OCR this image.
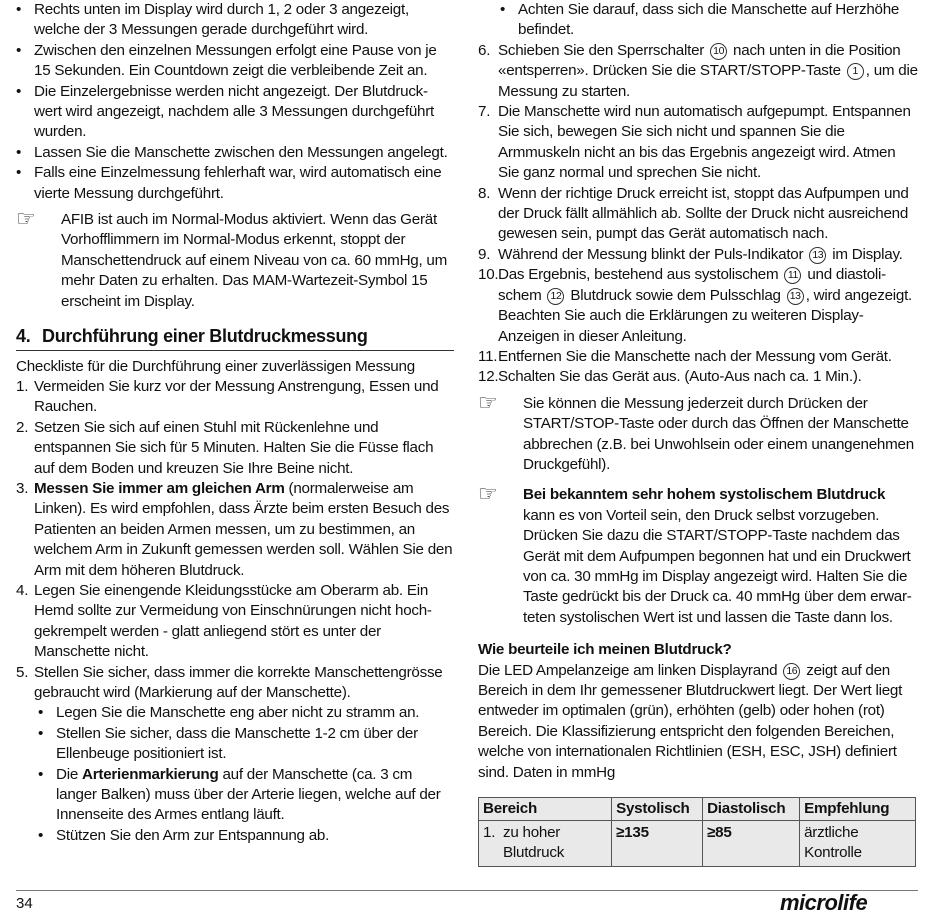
• Rechts unten im Display wird durch 1, 2 oder 3 angezeigt, welche der 3 Messungen gerade durchgeführt wird.

• Zwischen den einzelnen Messungen erfolgt eine Pause von je 15 Sekunden. Ein Countdown zeigt die verbleibende Zeit an.

• Die Einzelergebnisse werden nicht angezeigt. Der Blutdruck-wert wird angezeigt, nachdem alle 3 Messungen durchgeführt wurden.

• Lassen Sie die Manschette zwischen den Messungen angelegt.

• Falls eine Einzelmessung fehlerhaft war, wird automatisch eine vierte Messung durchgeführt.

☞ AFIB ist auch im Normal-Modus aktiviert. Wenn das Gerät Vorhofflimmern im Normal-Modus erkennt, stoppt der Manschettendruck auf einem Niveau von ca. 60 mmHg, um mehr Daten zu erhalten. Das MAM-Wartezeit-Symbol 15 erscheint im Display.
4. Durchführung einer Blutdruckmessung

Checkliste für die Durchführung einer zuverlässigen Messung

1. Vermeiden Sie kurz vor der Messung Anstrengung, Essen und Rauchen.
2. Setzen Sie sich auf einen Stuhl mit Rückenlehne und entspannen Sie sich für 5 Minuten. Halten Sie die Füsse flach auf dem Boden und kreuzen Sie Ihre Beine nicht.
3. Messen Sie immer am gleichen Arm (normalerweise am Linken). Es wird empfohlen, dass Ärzte beim ersten Besuch des Patienten an beiden Armen messen, um zu bestimmen, an welchem Arm in Zukunft gemessen werden soll. Wählen Sie den Arm mit dem höheren Blutdruck.
4. Legen Sie einengende Kleidungsstücke am Oberarm ab. Ein Hemd sollte zur Vermeidung von Einschnürungen nicht hoch-gekrempelt werden - glatt anliegend stört es unter der Manschette nicht.
5. Stellen Sie sicher, dass immer die korrekte Manschettengrösse gebraucht wird (Markierung auf der Manschette).

• Legen Sie die Manschette eng aber nicht zu stramm an.

• Stellen Sie sicher, dass die Manschette 1-2 cm über der Ellenbeuge positioniert ist.

• Die Arterienmarkierung auf der Manschette (ca. 3 cm langer Balken) muss über der Arterie liegen, welche auf der Innenseite des Armes entlang läuft.

• Stützen Sie den Arm zur Entspannung ab.

• Achten Sie darauf, dass sich die Manschette auf Herzhöhe befindet.

6. Schieben Sie den Sperrschalter 10 nach unten in die Position «entsperren». Drücken Sie die START/STOPP-Taste 1 , um die Messung zu starten.
7. Die Manschette wird nun automatisch aufgepumpt. Entspannen Sie sich, bewegen Sie sich nicht und spannen Sie die Armmuskeln nicht an bis das Ergebnis angezeigt wird. Atmen Sie ganz normal und sprechen Sie nicht.
8. Wenn der richtige Druck erreicht ist, stoppt das Aufpumpen und der Druck fällt allmählich ab. Sollte der Druck nicht ausreichend gewesen sein, pumpt das Gerät automatisch nach.
9. Während der Messung blinkt der Puls-Indikator 13 im Display.
10. Das Ergebnis, bestehend aus systolischem 11 und diastoli-schem 12 Blutdruck sowie dem Pulsschlag 13 , wird angezeigt. Beachten Sie auch die Erklärungen zu weiteren Display-Anzeigen in dieser Anleitung.
11. Entfernen Sie die Manschette nach der Messung vom Gerät.
12. Schalten Sie das Gerät aus. (Auto-Aus nach ca. 1 Min.).
☞ Sie können die Messung jederzeit durch Drücken der START/STOP-Taste oder durch das Öffnen der Manschette abbrechen (z.B. bei Unwohlsein oder einem unangenehmen Druckgefühl).
☞ Bei bekanntem sehr hohem systolischem Blutdruck kann es von Vorteil sein, den Druck selbst vorzugeben. Drücken Sie dazu die START/STOPP-Taste nachdem das Gerät mit dem Aufpumpen begonnen hat und ein Druckwert von ca. 30 mmHg im Display angezeigt wird. Halten Sie die Taste gedrückt bis der Druck ca. 40 mmHg über dem erwar-teten systolischen Wert ist und lassen die Taste dann los.

Wie beurteile ich meinen Blutdruck?

Die LED Ampelanzeige am linken Displayrand 16 zeigt auf den Bereich in dem Ihr gemessener Blutdruckwert liegt. Der Wert liegt entweder im optimalen (grün), erhöhten (gelb) oder hohen (rot) Bereich. Die Klassifizierung entspricht den folgenden Bereichen, welche von internationalen Richtlinien (ESH, ESC, JSH) definiert sind. Daten in mmHg

Bereich		Systolisch	Diastolisch	Empfehlung
1.	zu hoher Blutdruck	≥135	≥85	ärztliche Kontrolle
34	microlife
